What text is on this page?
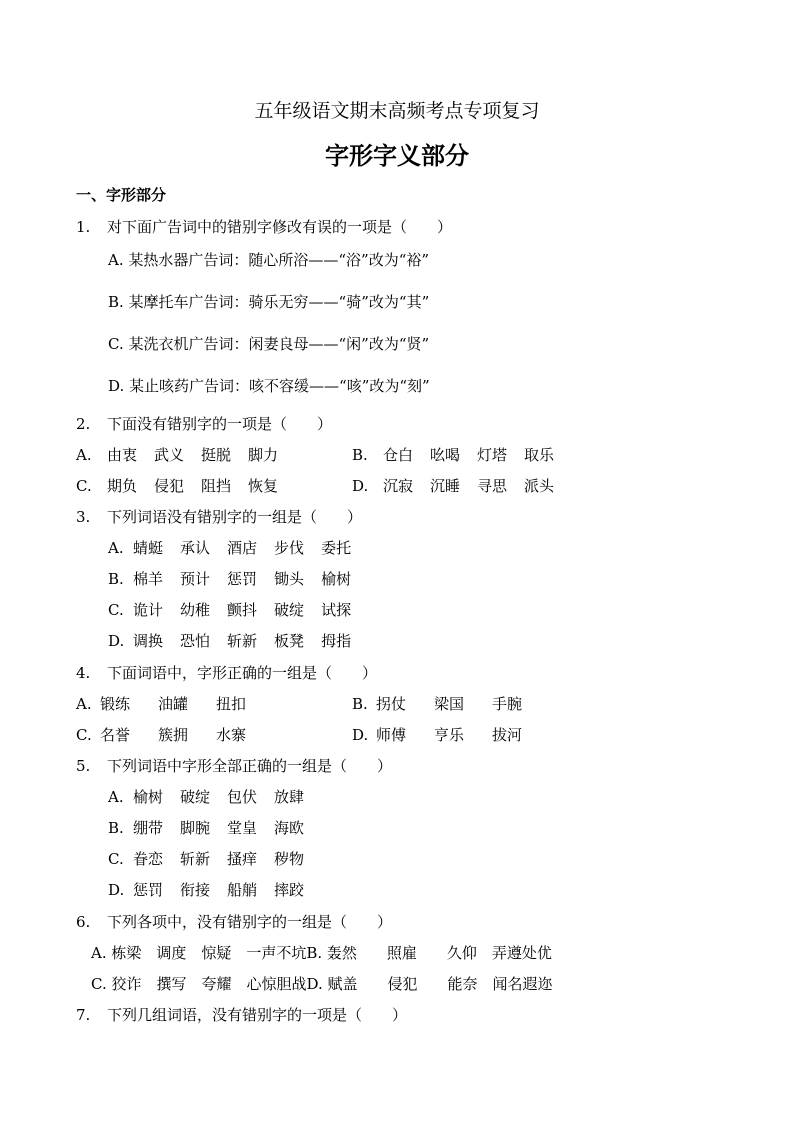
五年级语文期末高频考点专项复习
字形字义部分
一、字形部分
1. 对下面广告词中的错别字修改有误的一项是（　　）
A. 某热水器广告词：随心所浴——“浴”改为“裕”
B. 某摩托车广告词：骑乐无穷——“骑”改为“其”
C. 某洗衣机广告词：闲妻良母——“闲”改为“贤”
D. 某止咳药广告词：咳不容缓——“咳”改为“刻”
2. 下面没有错别字的一项是（　　）
A. 由衷 武义 挺脱 脚力	B. 仓白 吆喝 灯塔 取乐
C. 期负 侵犯 阻挡 恢复	D. 沉寂 沉睡 寻思 派头
3. 下列词语没有错别字的一组是（　　）
A. 蜻蜓 承认 酒店 步伐 委托
B. 棉羊 预计 惩罚 锄头 榆树
C. 诡计 幼稚 颤抖 破绽 试探
D. 调换 恐怕 斩新 板凳 拇指
4. 下面词语中，字形正确的一组是（　　）
A. 锻练 油罐 扭扣	B. 拐仗 梁国 手腕
C. 名誉 簇拥 水寨	D. 师傅 亨乐 拔河
5. 下列词语中字形全部正确的一组是（　　）
A. 榆树 破绽 包伏 放肆
B. 绷带 脚腕 堂皇 海欧
C. 眷恋 斩新 搔痒 秽物
D. 惩罚 衔接 船艄 摔跤
6. 下列各项中，没有错别字的一组是（　　）
A. 栋梁　调度　惊疑　一声不坑B. 轰然　　照雇　　久仰　弄遵处优
C. 狡诈　撰写　夸耀　心惊胆战D. 赋盖　　侵犯　　能奈　闻名遐迩
7. 下列几组词语，没有错别字的一项是（　　）
